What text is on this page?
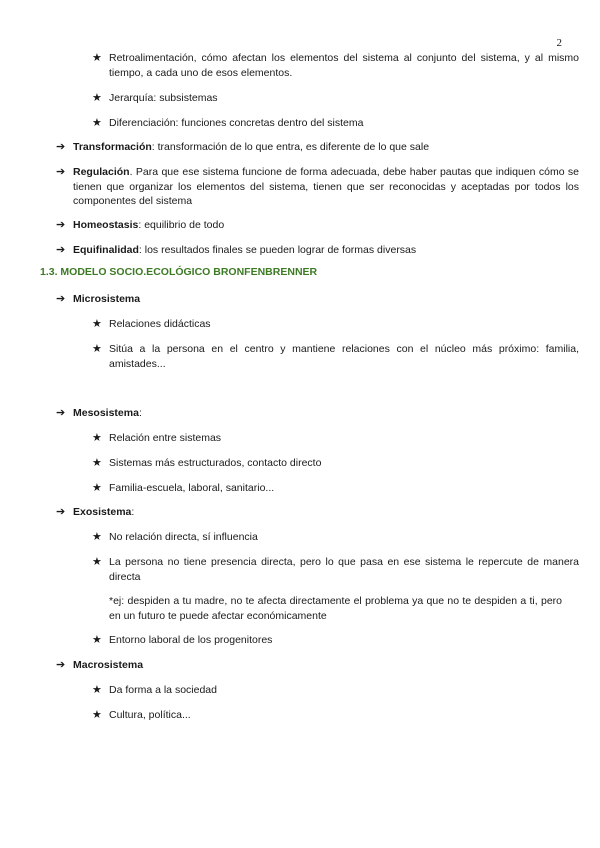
2
★ Retroalimentación, cómo afectan los elementos del sistema al conjunto del sistema, y al mismo tiempo, a cada uno de esos elementos.
★ Jerarquía: subsistemas
★ Diferenciación: funciones concretas dentro del sistema
➔ Transformación: transformación de lo que entra, es diferente de lo que sale
➔ Regulación. Para que ese sistema funcione de forma adecuada, debe haber pautas que indiquen cómo se tienen que organizar los elementos del sistema, tienen que ser reconocidas y aceptadas por todos los componentes del sistema
➔ Homeostasis: equilibrio de todo
➔ Equifinalidad: los resultados finales se pueden lograr de formas diversas
1.3. MODELO SOCIO.ECOLÓGICO BRONFENBRENNER
➔ Microsistema
★ Relaciones didácticas
★ Sitúa a la persona en el centro y mantiene relaciones con el núcleo más próximo: familia, amistades...
➔ Mesosistema:
★ Relación entre sistemas
★ Sistemas más estructurados, contacto directo
★ Familia-escuela, laboral, sanitario...
➔ Exosistema:
★ No relación directa, sí influencia
★ La persona no tiene presencia directa, pero lo que pasa en ese sistema le repercute de manera directa
*ej: despiden a tu madre, no te afecta directamente el problema ya que no te despiden a ti, pero en un futuro te puede afectar económicamente
★ Entorno laboral de los progenitores
➔ Macrosistema
★ Da forma a la sociedad
★ Cultura, política...
